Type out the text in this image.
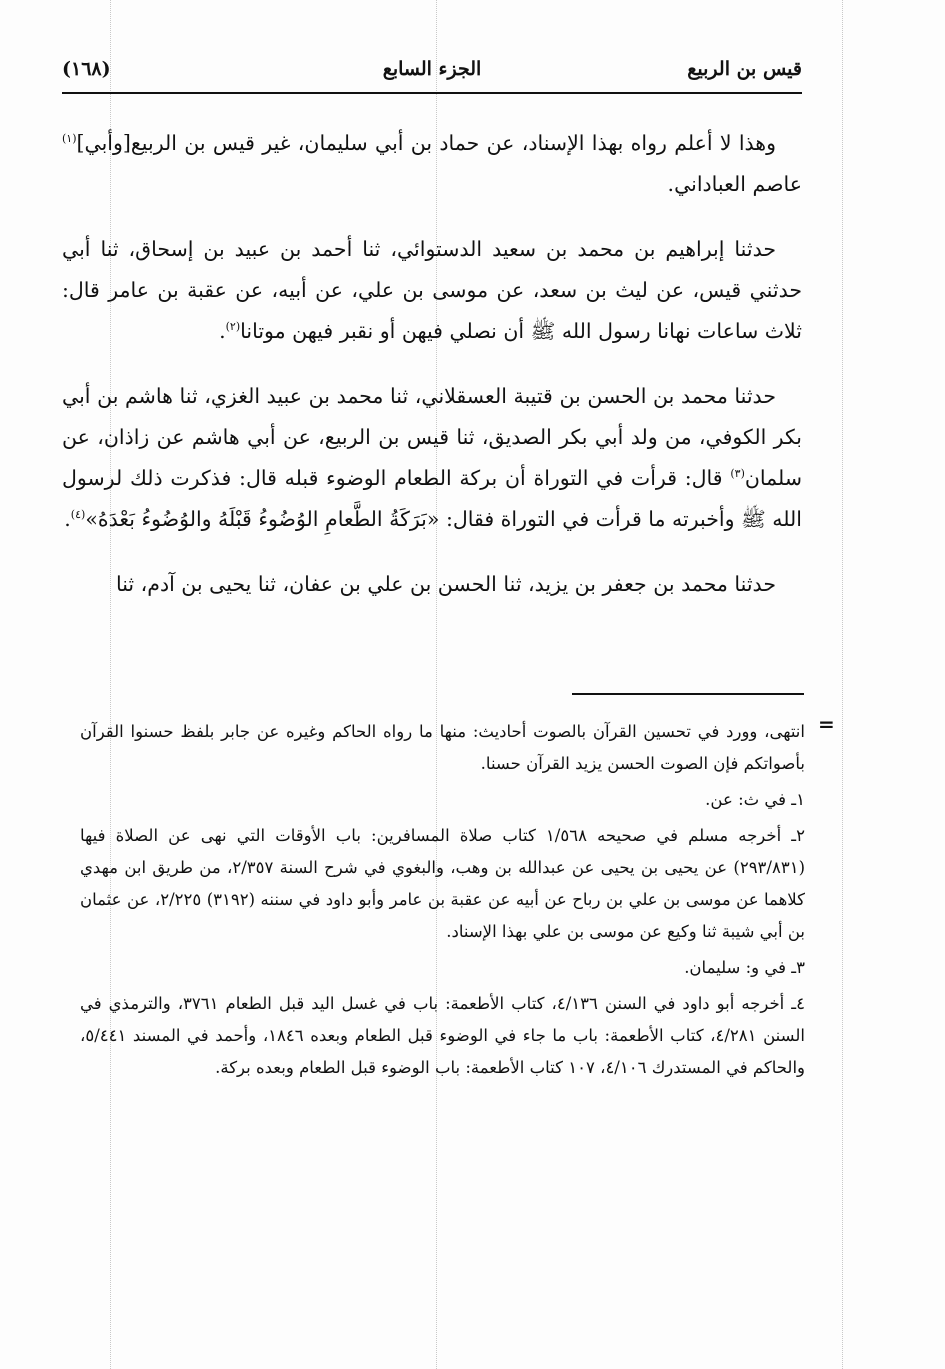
قيس بن الربيع
الجزء السابع
(١٦٨)

وهذا لا أعلم رواه بهذا الإسناد، عن حماد بن أبي سليمان، غير قيس بن الربيع[وأبي]$^{(١)}$ عاصم العباداني.

حدثنا إبراهيم بن محمد بن سعيد الدستوائي، ثنا أحمد بن عبيد بن إسحاق، ثنا أبي حدثني قيس، عن ليث بن سعد، عن موسى بن علي، عن أبيه، عن عقبة بن عامر قال: ثلاث ساعات نهانا رسول الله ﷺ أن نصلي فيهن أو نقبر فيهن موتانا$^{(٢)}$.

حدثنا محمد بن الحسن بن قتيبة العسقلاني، ثنا محمد بن عبيد الغزي، ثنا هاشم بن أبي بكر الكوفي، من ولد أبي بكر الصديق، ثنا قيس بن الربيع، عن أبي هاشم عن زاذان، عن سلمان$^{(٣)}$ قال: قرأت في التوراة أن بركة الطعام الوضوء قبله قال: فذكرت ذلك لرسول الله ﷺ وأخبرته ما قرأت في التوراة فقال: «بَرَكَةُ الطَّعامِ الوُضُوءُ قَبْلَهُ والوُضُوءُ بَعْدَهُ»$^{(٤)}$.

حدثنا محمد بن جعفر بن يزيد، ثنا الحسن بن علي بن عفان، ثنا يحيى بن آدم، ثنا

=

انتهى، وورد في تحسين القرآن بالصوت أحاديث: منها ما رواه الحاكم وغيره عن جابر بلفظ حسنوا القرآن بأصواتكم فإن الصوت الحسن يزيد القرآن حسنا.

١ـ في ث: عن.

٢ـ أخرجه مسلم في صحيحه ١/٥٦٨ كتاب صلاة المسافرين: باب الأوقات التي نهى عن الصلاة فيها (٢٩٣/٨٣١) عن يحيى بن يحيى عن عبدالله بن وهب، والبغوي في شرح السنة ٢/٣٥٧، من طريق ابن مهدي كلاهما عن موسى بن علي بن رباح عن أبيه عن عقبة بن عامر وأبو داود في سننه (٣١٩٢) ٢/٢٢٥، عن عثمان بن أبي شيبة ثنا وكيع عن موسى بن علي بهذا الإسناد.

٣ـ في و: سليمان.

٤ـ أخرجه أبو داود في السنن ٤/١٣٦، كتاب الأطعمة: باب في غسل اليد قبل الطعام ٣٧٦١، والترمذي في السنن ٤/٢٨١، كتاب الأطعمة: باب ما جاء في الوضوء قبل الطعام وبعده ١٨٤٦، وأحمد في المسند ٥/٤٤١، والحاكم في المستدرك ٤/١٠٦، ١٠٧ كتاب الأطعمة: باب الوضوء قبل الطعام وبعده بركة.
